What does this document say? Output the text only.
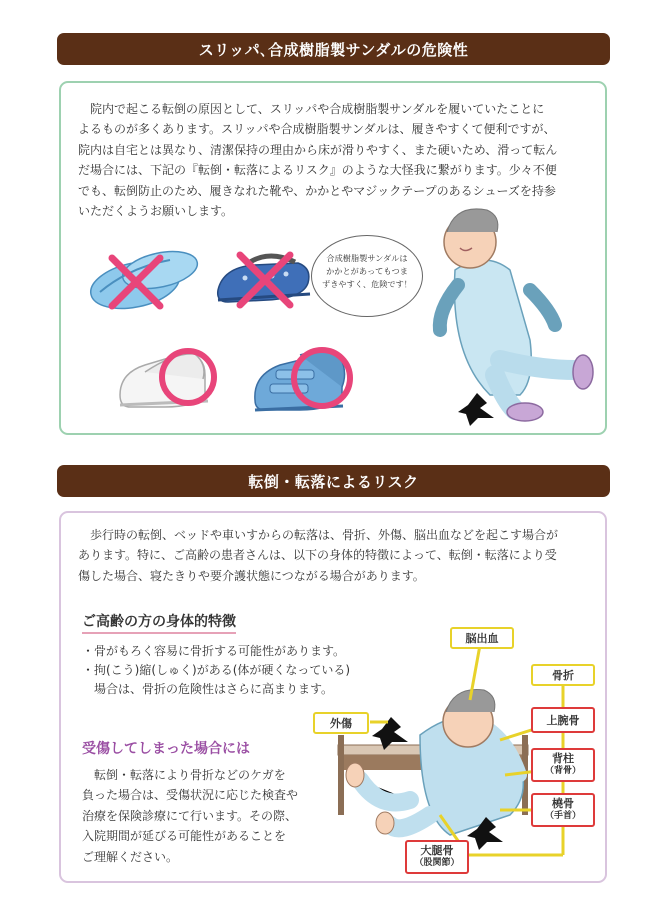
スリッパ､合成樹脂製サンダルの危険性

院内で起こる転倒の原因として、スリッパや合成樹脂製サンダルを履いていたことに
よるものが多くあります。スリッパや合成樹脂製サンダルは、履きやすくて便利ですが、
院内は自宅とは異なり、清潔保持の理由から床が滑りやすく、また硬いため、滑って転ん
だ場合には、下記の『転倒・転落によるリスク』のような大怪我に繋がります。少々不便
でも、転倒防止のため、履きなれた靴や、かかとやマジックテープのあるシューズを持参
いただくようお願いします。

合成樹脂製サンダルは
かかとがあってもつま
ずきやすく、危険です！
転倒・転落によるリスク

歩行時の転倒、ベッドや車いすからの転落は、骨折、外傷、脳出血などを起こす場合が
あります。特に、ご高齢の患者さんは、以下の身体的特徴によって、転倒・転落により受
傷した場合、寝たきりや要介護状態につながる場合があります。

ご高齢の方の身体的特徴
・骨がもろく容易に骨折する可能性があります。
・拘(こう)縮(しゅく)がある(体が硬くなっている)
　場合は、骨折の危険性はさらに高まります。
受傷してしまった場合には

転倒・転落により骨折などのケガを
負った場合は、受傷状況に応じた検査や
治療を保険診療にて行います。その際、
入院期間が延びる可能性があることを
ご理解ください。

脳出血
外傷
骨折
上腕骨
背柱
（背骨）
橈骨
（手首）
大腿骨
（股関節）
